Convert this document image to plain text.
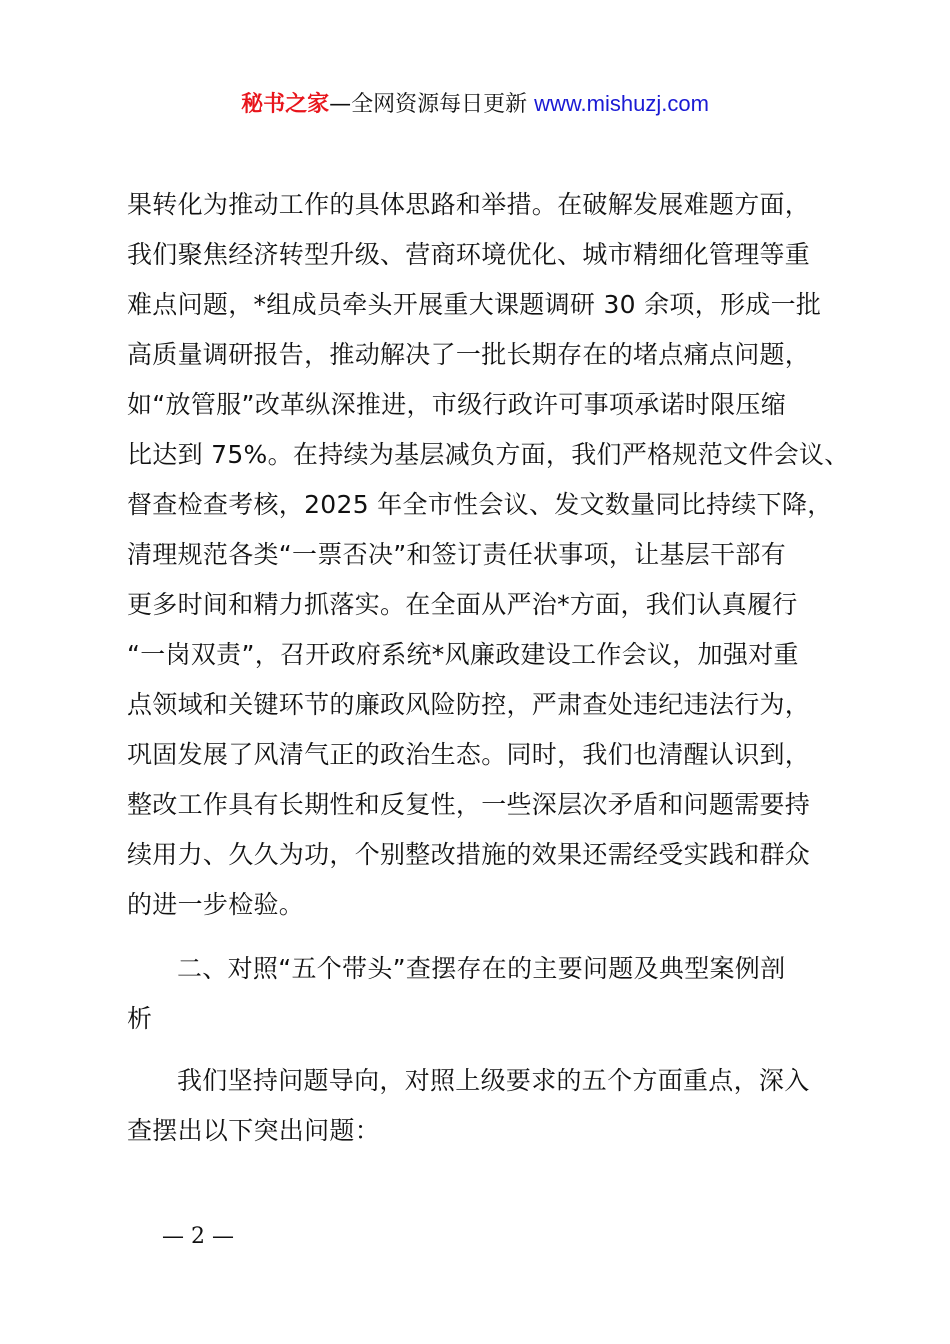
秘书之家—全网资源每日更新 www.mishuzj.com
果转化为推动工作的具体思路和举措。在破解发展难题方面，
我们聚焦经济转型升级、营商环境优化、城市精细化管理等重
难点问题，*组成员牵头开展重大课题调研 30 余项，形成一批
高质量调研报告，推动解决了一批长期存在的堵点痛点问题，
如“放管服”改革纵深推进，市级行政许可事项承诺时限压缩
比达到 75%。在持续为基层减负方面，我们严格规范文件会议、
督查检查考核，2025 年全市性会议、发文数量同比持续下降，
清理规范各类“一票否决”和签订责任状事项，让基层干部有
更多时间和精力抓落实。在全面从严治*方面，我们认真履行
“一岗双责”，召开政府系统*风廉政建设工作会议，加强对重
点领域和关键环节的廉政风险防控，严肃查处违纪违法行为，
巩固发展了风清气正的政治生态。同时，我们也清醒认识到，
整改工作具有长期性和反复性，一些深层次矛盾和问题需要持
续用力、久久为功，个别整改措施的效果还需经受实践和群众
的进一步检验。
二、对照“五个带头”查摆存在的主要问题及典型案例剖
析
我们坚持问题导向，对照上级要求的五个方面重点，深入
查摆出以下突出问题：
— 2 —
